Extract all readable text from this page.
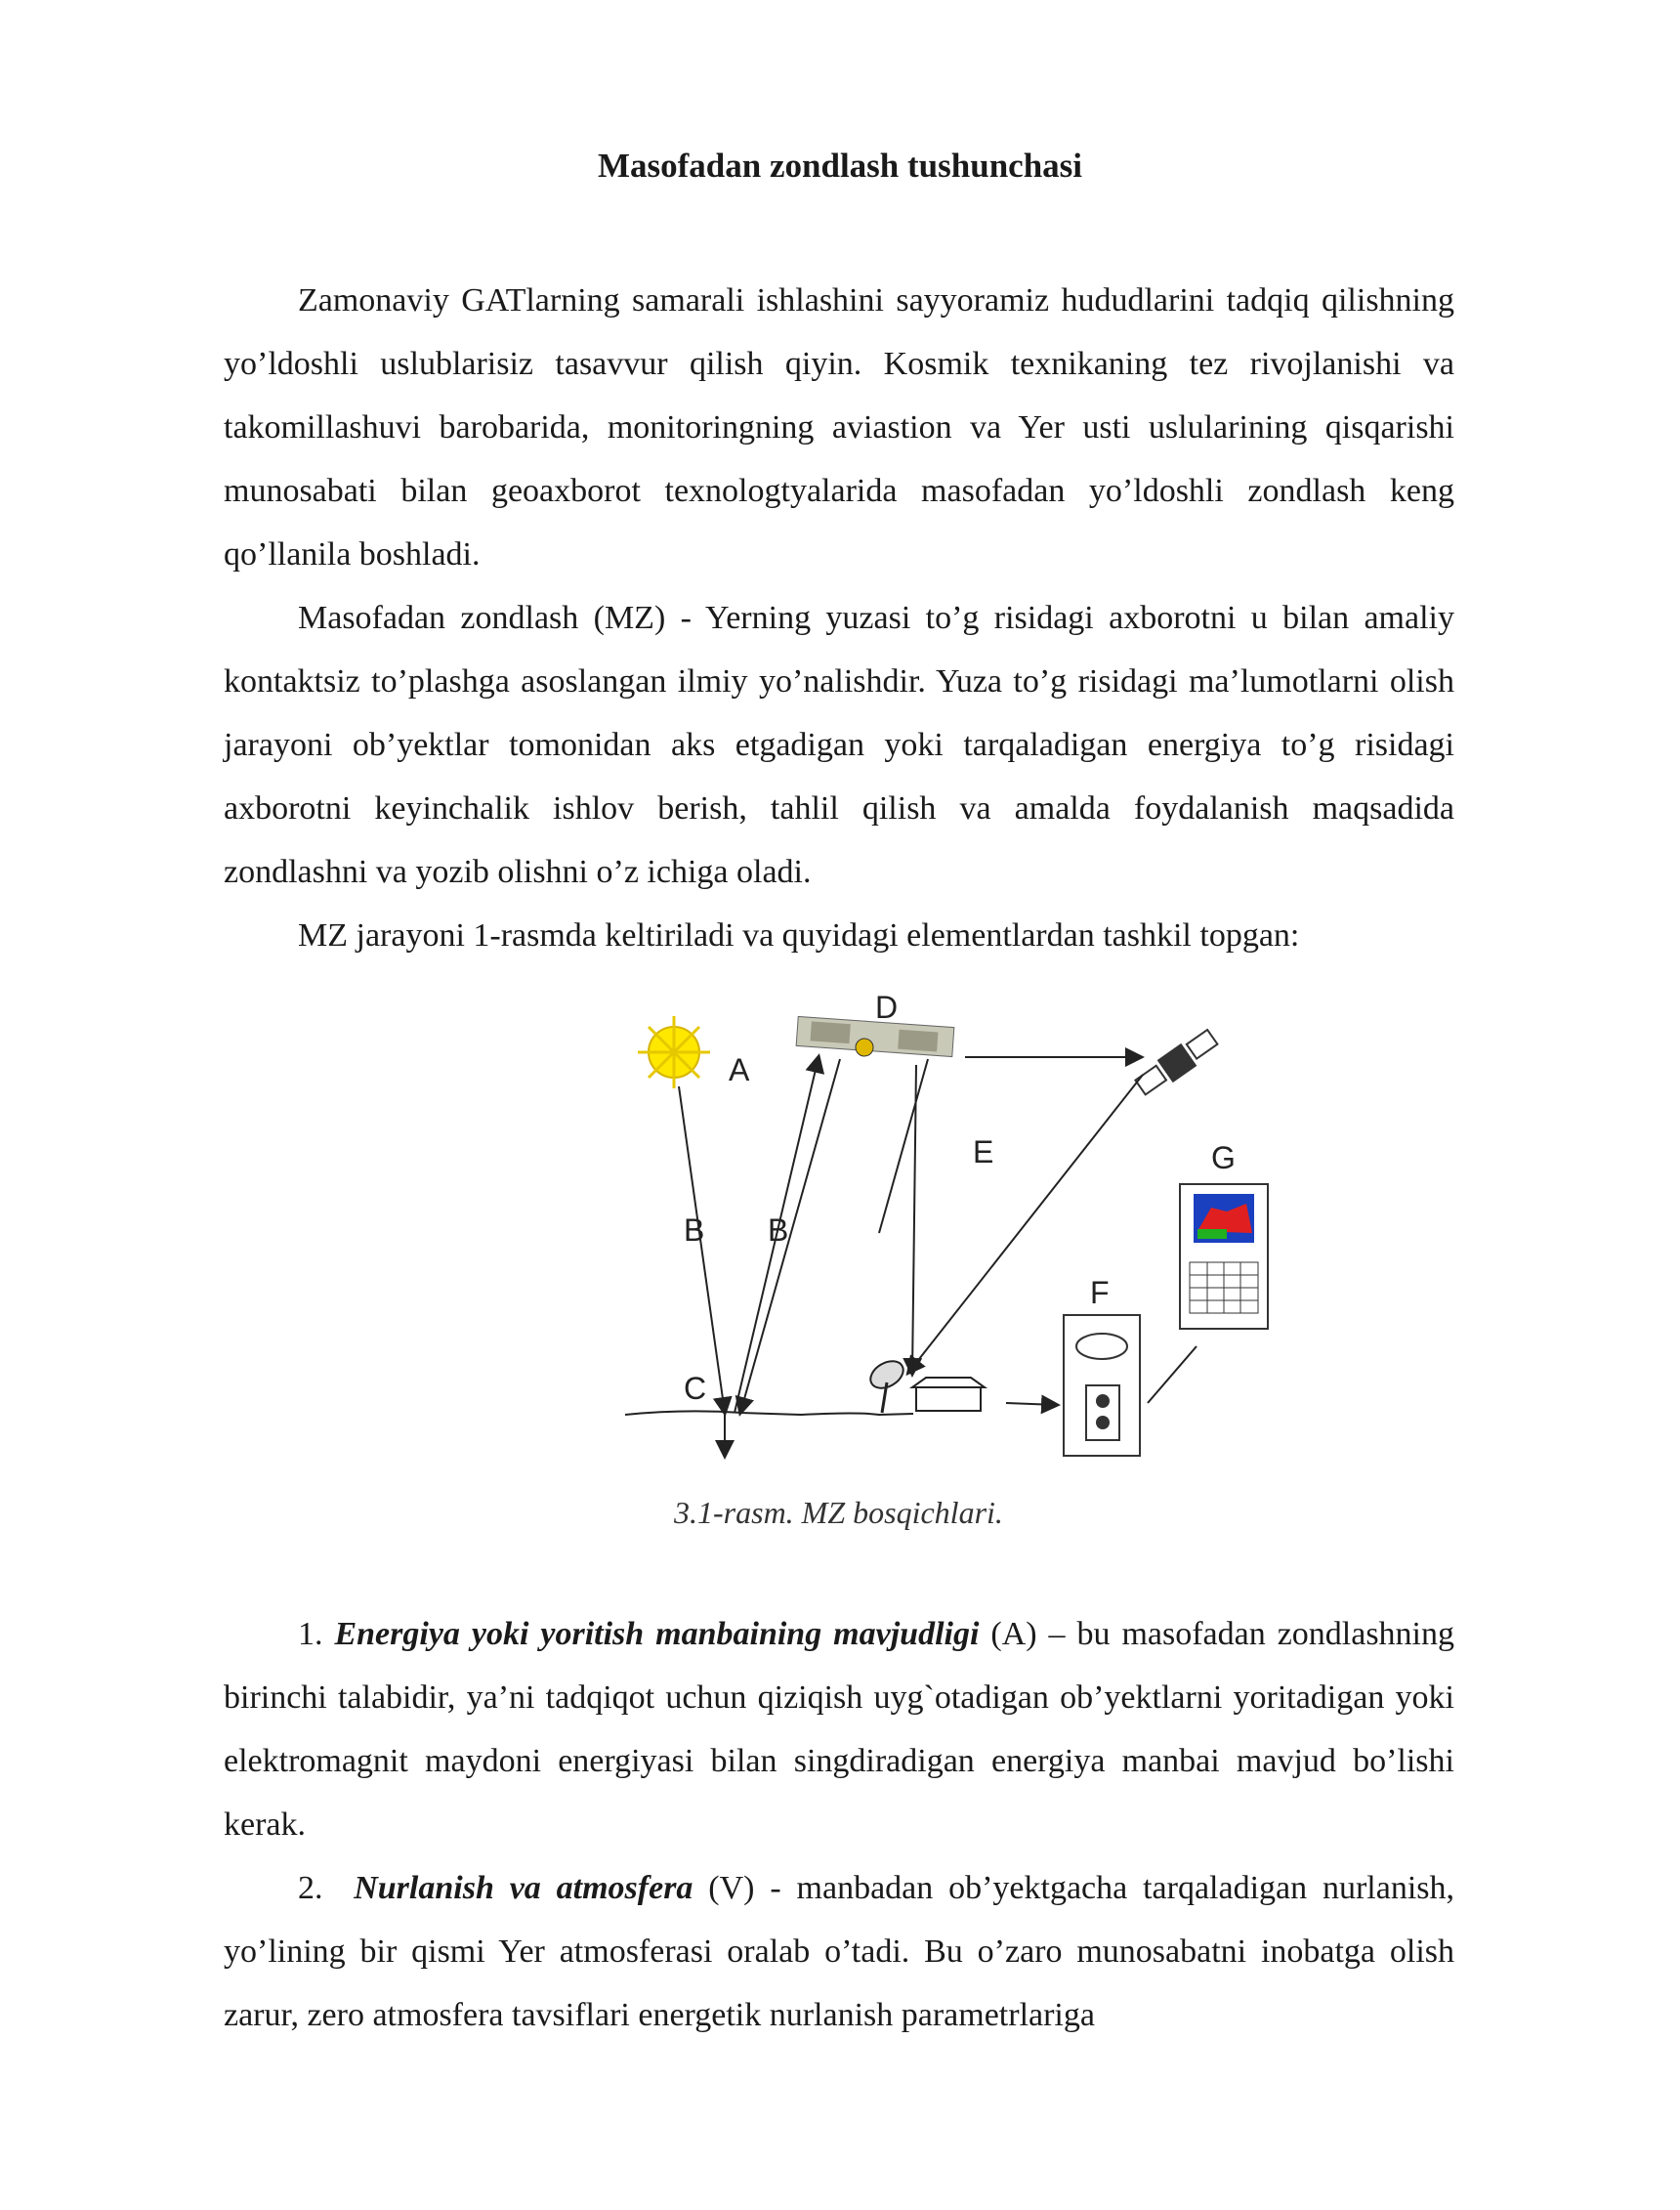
Masofadan zondlash tushunchasi

Zamonaviy GATlarning samarali ishlashini sayyoramiz hududlarini tadqiq qilishning yo’ldoshli uslublarisiz tasavvur qilish qiyin. Kosmik texnikaning tez rivojlanishi va takomillashuvi barobarida, monitoringning aviastion va Yer usti uslularining qisqarishi munosabati bilan geoaxborot texnologtyalarida masofadan yo’ldoshli zondlash keng qo’llanila boshladi.

Masofadan zondlash (MZ) - Yerning yuzasi to’g risidagi axborotni u bilan amaliy kontaktsiz to’plashga asoslangan ilmiy yo’nalishdir. Yuza to’g risidagi ma’lumotlarni olish jarayoni ob’yektlar tomonidan aks etgadigan yoki tarqaladigan energiya to’g risidagi axborotni keyinchalik ishlov berish, tahlil qilish va amalda foydalanish maqsadida zondlashni va yozib olishni o’z ichiga oladi.

MZ jarayoni 1-rasmda keltiriladi va quyidagi elementlardan tashkil topgan:

A
B B
C
D
E
F
G
3.1-rasm. MZ bosqichlari.

1. Energiya yoki yoritish manbaining mavjudligi (A) – bu masofadan zondlashning birinchi talabidir, ya’ni tadqiqot uchun qiziqish uyg`otadigan ob’yektlarni yoritadigan yoki elektromagnit maydoni energiyasi bilan singdiradigan energiya manbai mavjud bo’lishi kerak.

2. Nurlanish va atmosfera (V) - manbadan ob’yektgacha tarqaladigan nurlanish, yo’lining bir qismi Yer atmosferasi oralab o’tadi. Bu o’zaro munosabatni inobatga olish zarur, zero atmosfera tavsiflari energetik nurlanish parametrlariga
